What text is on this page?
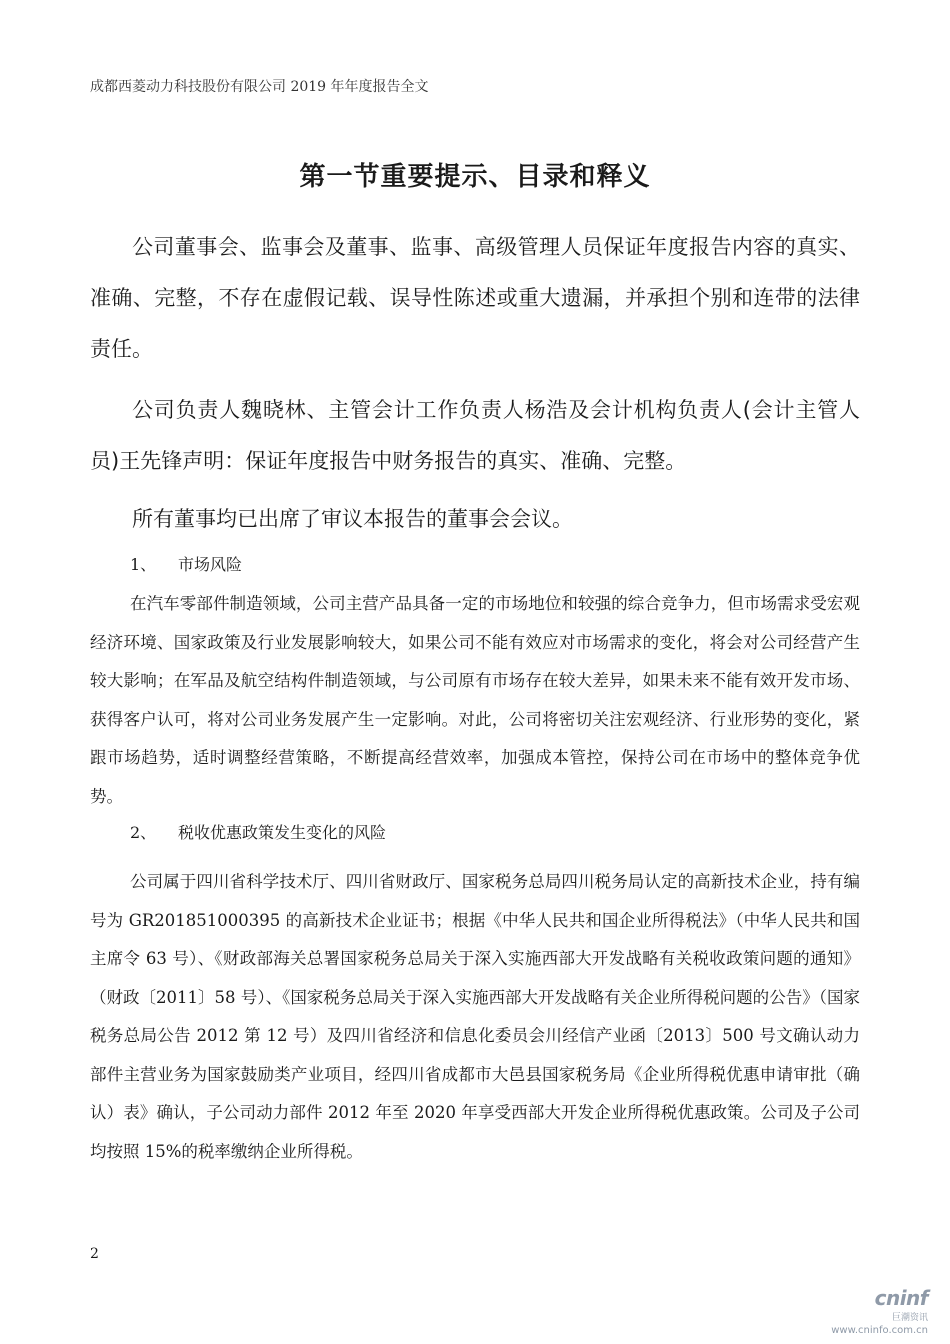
成都西菱动力科技股份有限公司 2019 年年度报告全文
第一节重要提示、目录和释义

公司董事会、监事会及董事、监事、高级管理人员保证年度报告内容的真实、准确、完整，不存在虚假记载、误导性陈述或重大遗漏，并承担个别和连带的法律责任。

公司负责人魏晓林、主管会计工作负责人杨浩及会计机构负责人(会计主管人员)王先锋声明：保证年度报告中财务报告的真实、准确、完整。

所有董事均已出席了审议本报告的董事会会议。

1、 市场风险

在汽车零部件制造领域，公司主营产品具备一定的市场地位和较强的综合竞争力，但市场需求受宏观经济环境、国家政策及行业发展影响较大，如果公司不能有效应对市场需求的变化，将会对公司经营产生较大影响；在军品及航空结构件制造领域，与公司原有市场存在较大差异，如果未来不能有效开发市场、获得客户认可，将对公司业务发展产生一定影响。对此，公司将密切关注宏观经济、行业形势的变化，紧跟市场趋势，适时调整经营策略，不断提高经营效率，加强成本管控，保持公司在市场中的整体竞争优势。

2、 税收优惠政策发生变化的风险

公司属于四川省科学技术厅、四川省财政厅、国家税务总局四川税务局认定的高新技术企业，持有编号为 GR201851000395 的高新技术企业证书；根据《中华人民共和国企业所得税法》（中华人民共和国主席令 63 号）、《财政部海关总署国家税务总局关于深入实施西部大开发战略有关税收政策问题的通知》（财政〔2011〕58 号）、《国家税务总局关于深入实施西部大开发战略有关企业所得税问题的公告》（国家税务总局公告 2012 第 12 号）及四川省经济和信息化委员会川经信产业函〔2013〕500 号文确认动力部件主营业务为国家鼓励类产业项目，经四川省成都市大邑县国家税务局《企业所得税优惠申请审批（确认）表》确认，子公司动力部件 2012 年至 2020 年享受西部大开发企业所得税优惠政策。公司及子公司均按照 15%的税率缴纳企业所得税。

2
cninf
巨潮资讯
www.cninfo.com.cn
